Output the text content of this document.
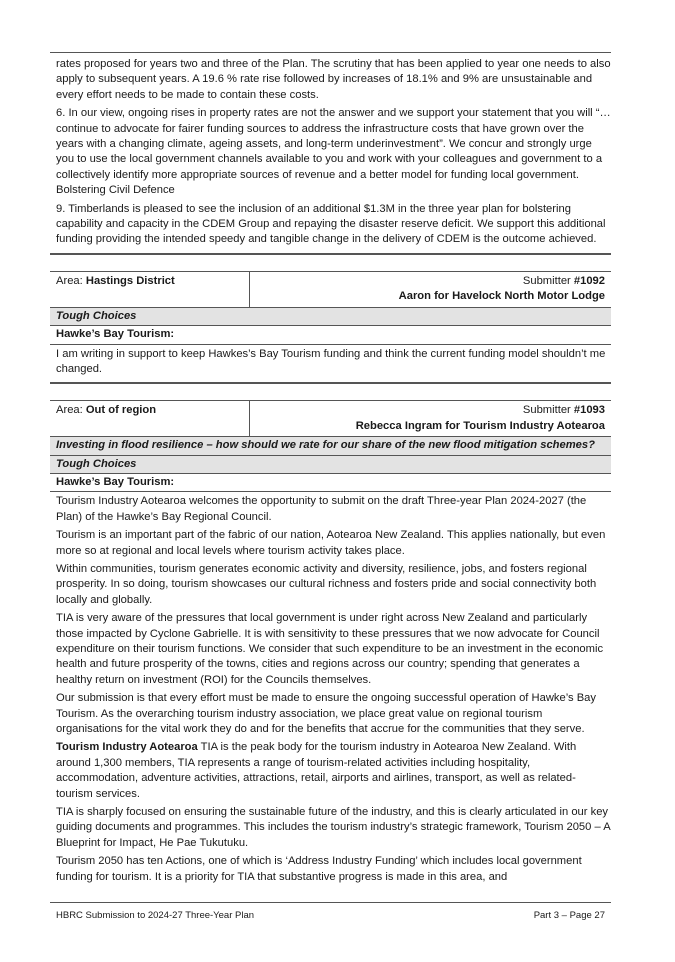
rates proposed for years two and three of the Plan. The scrutiny that has been applied to year one needs to also apply to subsequent years. A 19.6 % rate rise followed by increases of 18.1% and 9% are unsustainable and every effort needs to be made to contain these costs.

6. In our view, ongoing rises in property rates are not the answer and we support your statement that you will “… continue to advocate for fairer funding sources to address the infrastructure costs that have grown over the years with a changing climate, ageing assets, and long-term underinvestment”. We concur and strongly urge you to use the local government channels available to you and work with your colleagues and government to a collectively identify more appropriate sources of revenue and a better model for funding local government. Bolstering Civil Defence

9. Timberlands is pleased to see the inclusion of an additional $1.3M in the three year plan for bolstering capability and capacity in the CDEM Group and repaying the disaster reserve deficit. We support this additional funding providing the intended speedy and tangible change in the delivery of CDEM is the outcome achieved.

Area: Hastings District	Submitter #1092
Aaron for Havelock North Motor Lodge
Tough Choices
Hawke’s Bay Tourism:

I am writing in support to keep Hawkes’s Bay Tourism funding and think the current funding model shouldn’t me changed.

Area: Out of region	Submitter #1093
Rebecca Ingram for Tourism Industry Aotearoa
Investing in flood resilience – how should we rate for our share of the new flood mitigation schemes?
Tough Choices
Hawke’s Bay Tourism:

Tourism Industry Aotearoa welcomes the opportunity to submit on the draft Three-year Plan 2024-2027 (the Plan) of the Hawke’s Bay Regional Council.

Tourism is an important part of the fabric of our nation, Aotearoa New Zealand. This applies nationally, but even more so at regional and local levels where tourism activity takes place.

Within communities, tourism generates economic activity and diversity, resilience, jobs, and fosters regional prosperity. In so doing, tourism showcases our cultural richness and fosters pride and social connectivity both locally and globally.

TIA is very aware of the pressures that local government is under right across New Zealand and particularly those impacted by Cyclone Gabrielle. It is with sensitivity to these pressures that we now advocate for Council expenditure on their tourism functions. We consider that such expenditure to be an investment in the economic health and future prosperity of the towns, cities and regions across our country; spending that generates a healthy return on investment (ROI) for the Councils themselves.

Our submission is that every effort must be made to ensure the ongoing successful operation of Hawke’s Bay Tourism. As the overarching tourism industry association, we place great value on regional tourism organisations for the vital work they do and for the benefits that accrue for the communities that they serve.

Tourism Industry Aotearoa TIA is the peak body for the tourism industry in Aotearoa New Zealand. With around 1,300 members, TIA represents a range of tourism-related activities including hospitality, accommodation, adventure activities, attractions, retail, airports and airlines, transport, as well as related-tourism services.

TIA is sharply focused on ensuring the sustainable future of the industry, and this is clearly articulated in our key guiding documents and programmes. This includes the tourism industry’s strategic framework, Tourism 2050 – A Blueprint for Impact, He Pae Tukutuku.

Tourism 2050 has ten Actions, one of which is ‘Address Industry Funding’ which includes local government funding for tourism. It is a priority for TIA that substantive progress is made in this area, and

HBRC Submission to 2024-27 Three-Year Plan	Part 3 – Page 27
